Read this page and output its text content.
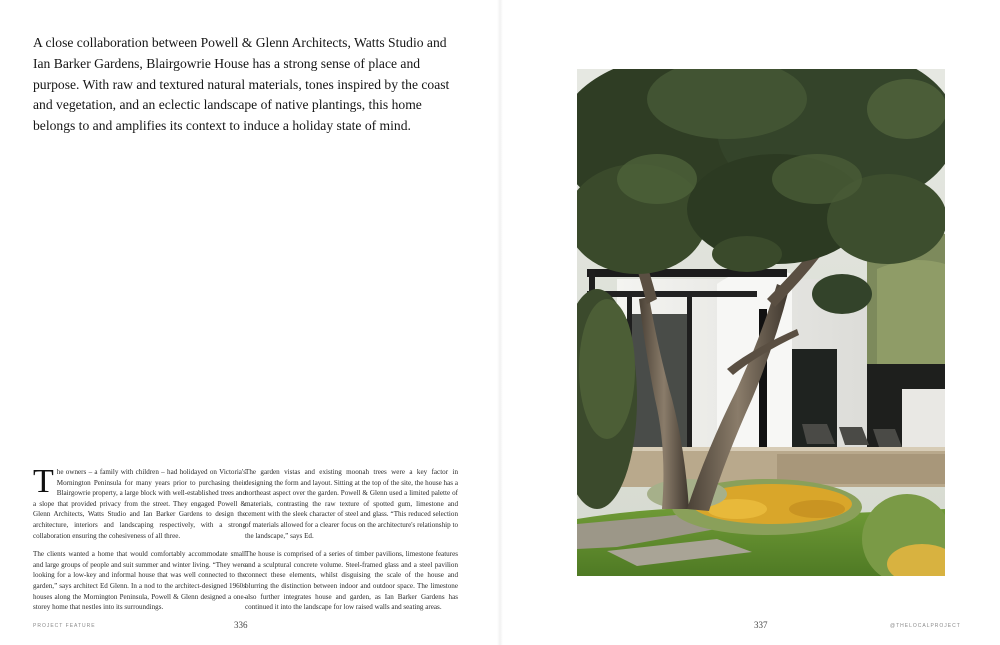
A close collaboration between Powell & Glenn Architects, Watts Studio and Ian Barker Gardens, Blairgowrie House has a strong sense of place and purpose. With raw and textured natural materials, tones inspired by the coast and vegetation, and an eclectic landscape of native plantings, this home belongs to and amplifies its context to induce a holiday state of mind.

The owners – a family with children – had holidayed on Victoria's Mornington Peninsula for many years prior to purchasing their Blairgowrie property, a large block with well-established trees and a slope that provided privacy from the street. They engaged Powell & Glenn Architects, Watts Studio and Ian Barker Gardens to design the architecture, interiors and landscaping respectively, with a strong collaboration ensuring the cohesiveness of all three.

The clients wanted a home that would comfortably accommodate small and large groups of people and suit summer and winter living. “They were looking for a low-key and informal house that was well connected to the garden,” says architect Ed Glenn. In a nod to the architect-designed 1960s houses along the Mornington Peninsula, Powell & Glenn designed a one-storey home that nestles into its surroundings.

The garden vistas and existing moonah trees were a key factor in designing the form and layout. Sitting at the top of the site, the house has a northeast aspect over the garden. Powell & Glenn used a limited palette of materials, contrasting the raw texture of spotted gum, limestone and cement with the sleek character of steel and glass. “This reduced selection of materials allowed for a clearer focus on the architecture's relationship to the landscape,” says Ed.

The house is comprised of a series of timber pavilions, limestone features and a sculptural concrete volume. Steel-framed glass and a steel pavilion connect these elements, whilst disguising the scale of the house and blurring the distinction between indoor and outdoor space. The limestone also further integrates house and garden, as Ian Barker Gardens has continued it into the landscape for low raised walls and seating areas.

PROJECT FEATURE	336	337	@THELOCALPROJECT
